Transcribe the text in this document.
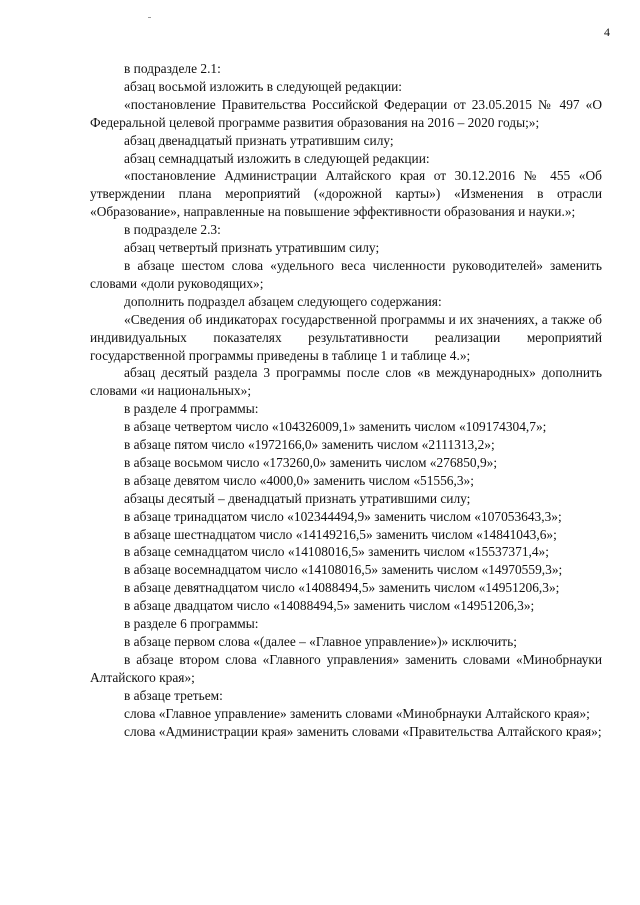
4

в подразделе 2.1:

абзац восьмой изложить в следующей редакции:

«постановление Правительства Российской Федерации от 23.05.2015 № 497 «О Федеральной целевой программе развития образования на 2016 – 2020 годы;»;

абзац двенадцатый признать утратившим силу;

абзац семнадцатый изложить в следующей редакции:

«постановление Администрации Алтайского края от 30.12.2016 № 455 «Об утверждении плана мероприятий («дорожной карты») «Изменения в отрасли «Образование», направленные на повышение эффективности образования и науки.»;

в подразделе 2.3:

абзац четвертый признать утратившим силу;

в абзаце шестом слова «удельного веса численности руководителей» заменить словами «доли руководящих»;

дополнить подраздел абзацем следующего содержания:

«Сведения об индикаторах государственной программы и их значениях, а также об индивидуальных показателях результативности реализации мероприятий государственной программы приведены в таблице 1 и таблице 4.»;

абзац десятый раздела 3 программы после слов «в международных» дополнить словами «и национальных»;

в разделе 4 программы:

в абзаце четвертом число «104326009,1» заменить числом «109174304,7»;

в абзаце пятом число «1972166,0» заменить числом «2111313,2»;

в абзаце восьмом число «173260,0» заменить числом «276850,9»;

в абзаце девятом число «4000,0» заменить числом «51556,3»;

абзацы десятый – двенадцатый признать утратившими силу;

в абзаце тринадцатом число «102344494,9» заменить числом «107053643,3»;

в абзаце шестнадцатом число «14149216,5» заменить числом «14841043,6»;

в абзаце семнадцатом число «14108016,5» заменить числом «15537371,4»;

в абзаце восемнадцатом число «14108016,5» заменить числом «14970559,3»;

в абзаце девятнадцатом число «14088494,5» заменить числом «14951206,3»;

в абзаце двадцатом число «14088494,5» заменить числом «14951206,3»;

в разделе 6 программы:

в абзаце первом слова «(далее – «Главное управление»)» исключить;

в абзаце втором слова «Главного управления» заменить словами «Минобрнауки Алтайского края»;

в абзаце третьем:

слова «Главное управление» заменить словами «Минобрнауки Алтайского края»;

слова «Администрации края» заменить словами «Правительства Алтайского края»;
